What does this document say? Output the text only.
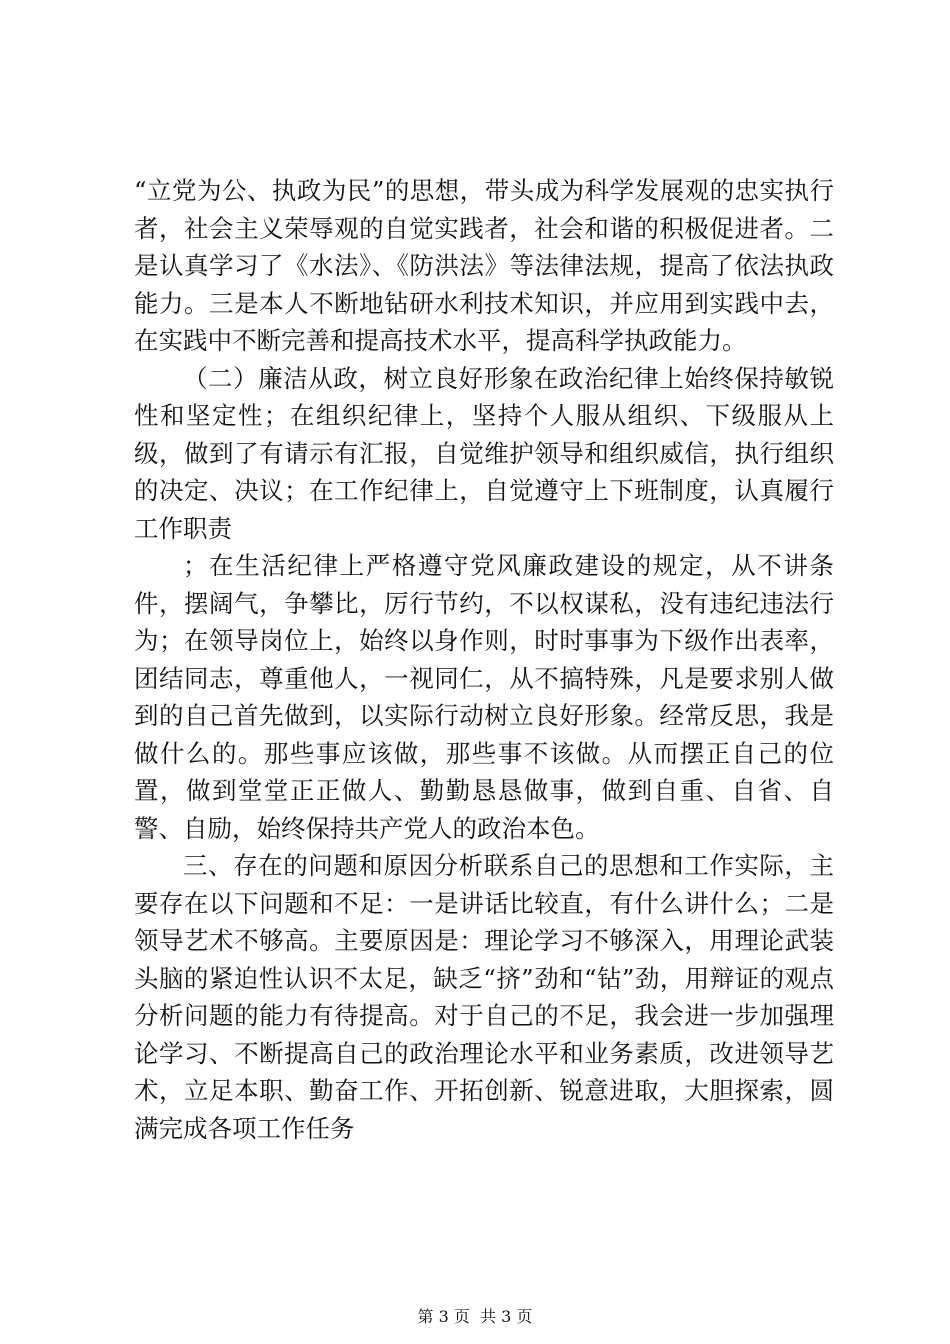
“立党为公、执政为民”的思想，带头成为科学发展观的忠实执行者，社会主义荣辱观的自觉实践者，社会和谐的积极促进者。二是认真学习了《水法》、《防洪法》等法律法规，提高了依法执政能力。三是本人不断地钻研水利技术知识，并应用到实践中去，在实践中不断完善和提高技术水平，提高科学执政能力。

（二）廉洁从政，树立良好形象在政治纪律上始终保持敏锐性和坚定性；在组织纪律上，坚持个人服从组织、下级服从上级，做到了有请示有汇报，自觉维护领导和组织威信，执行组织的决定、决议；在工作纪律上，自觉遵守上下班制度，认真履行工作职责

；在生活纪律上严格遵守党风廉政建设的规定，从不讲条件，摆阔气，争攀比，厉行节约，不以权谋私，没有违纪违法行为；在领导岗位上，始终以身作则，时时事事为下级作出表率，团结同志，尊重他人，一视同仁，从不搞特殊，凡是要求别人做到的自己首先做到，以实际行动树立良好形象。经常反思，我是做什么的。那些事应该做，那些事不该做。从而摆正自己的位置，做到堂堂正正做人、勤勤恳恳做事，做到自重、自省、自警、自励，始终保持共产党人的政治本色。

三、存在的问题和原因分析联系自己的思想和工作实际，主要存在以下问题和不足：一是讲话比较直，有什么讲什么；二是领导艺术不够高。主要原因是：理论学习不够深入，用理论武装头脑的紧迫性认识不太足，缺乏“挤”劲和“钻”劲，用辩证的观点分析问题的能力有待提高。对于自己的不足，我会进一步加强理论学习、不断提高自己的政治理论水平和业务素质，改进领导艺术，立足本职、勤奋工作、开拓创新、锐意进取，大胆探索，圆满完成各项工作任务

第 3 页  共 3 页
